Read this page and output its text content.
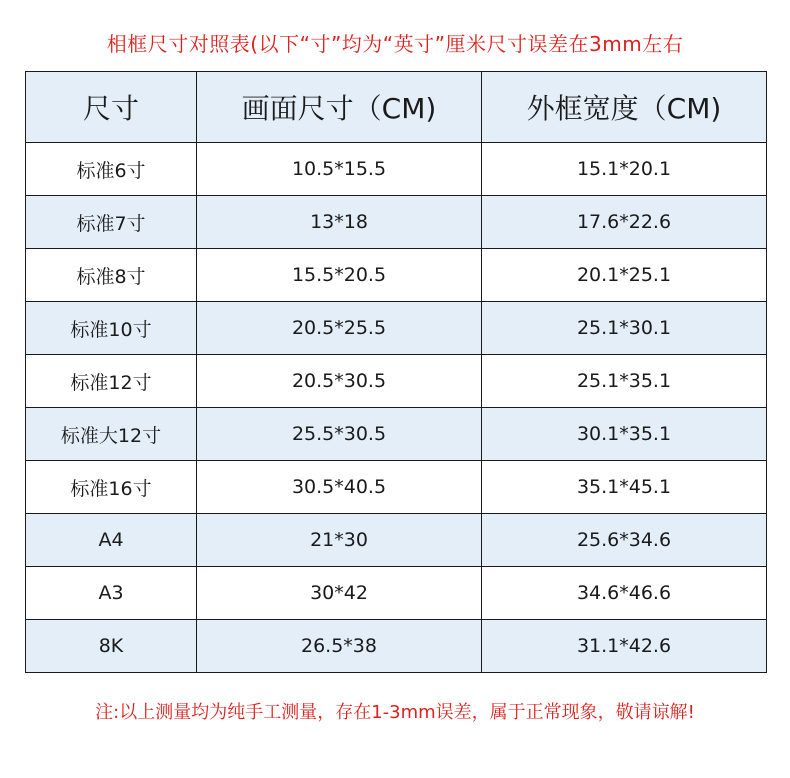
相框尺寸对照表(以下“寸”均为“英寸”厘米尺寸误差在3mm左右
尺寸	画面尺寸（CM)	外框宽度（CM)
标准6寸	10.5*15.5	15.1*20.1
标准7寸	13*18	17.6*22.6
标准8寸	15.5*20.5	20.1*25.1
标准10寸	20.5*25.5	25.1*30.1
标准12寸	20.5*30.5	25.1*35.1
标准大12寸	25.5*30.5	30.1*35.1
标准16寸	30.5*40.5	35.1*45.1
A4	21*30	25.6*34.6
A3	30*42	34.6*46.6
8K	26.5*38	31.1*42.6
注:以上测量均为纯手工测量，存在1-3mm误差，属于正常现象，敬请谅解!
